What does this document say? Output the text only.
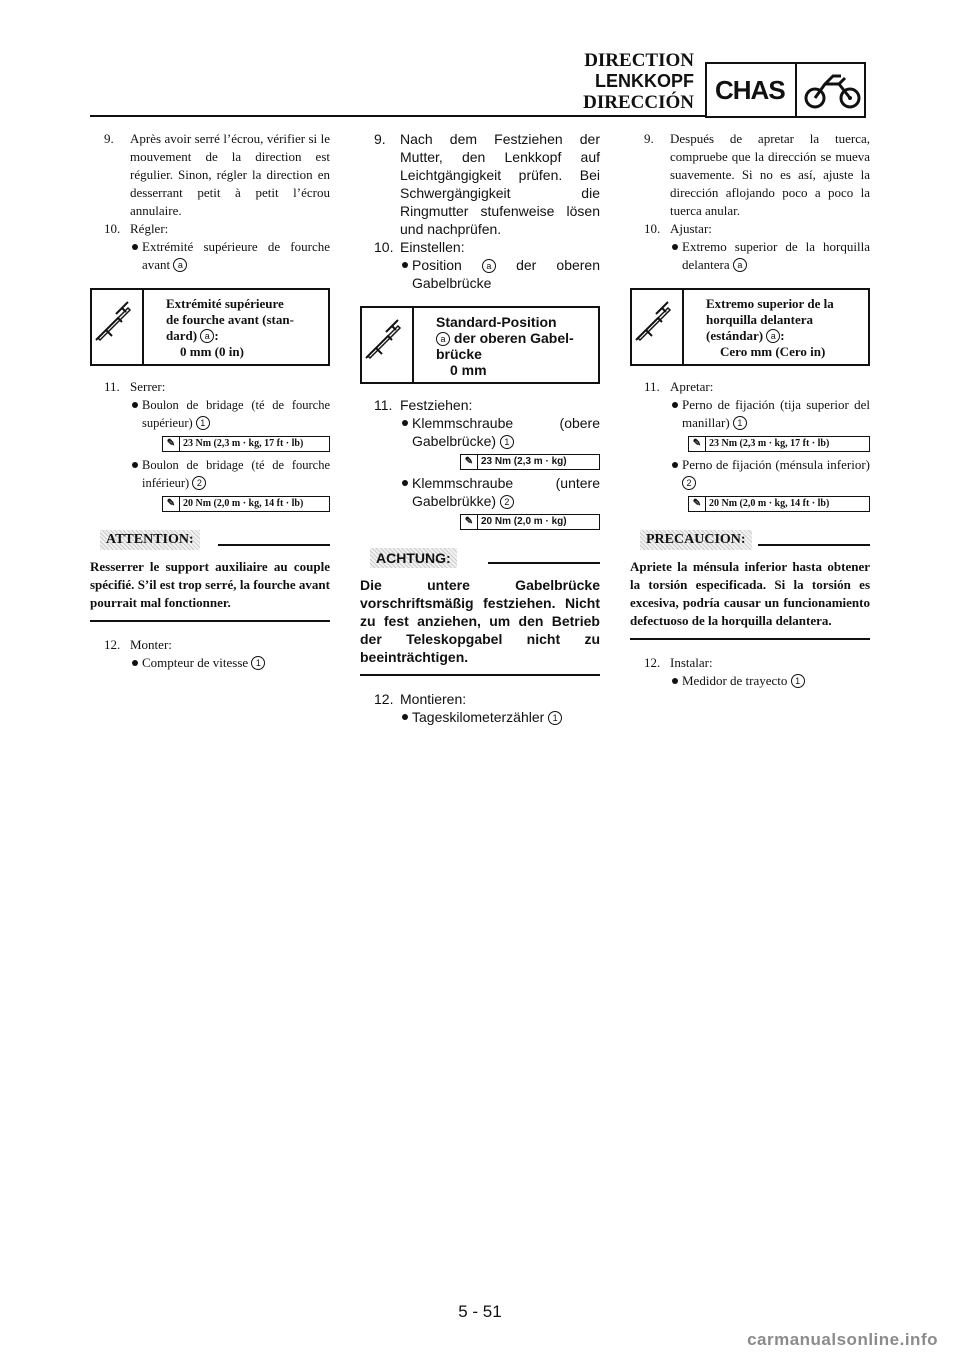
DIRECTION
LENKKOPF
DIRECCIÓN CHAS
9.	Après avoir serré l’écrou, vérifier si le mouvement de la direction est régulier. Sinon, régler la direction en desserrant petit à petit l’écrou annulaire.
10. Régler:
Extrémité supérieure de fourche avant a
Extrémité supérieure
de fourche avant (stan-
dard) a :
0 mm (0 in)
11. Serrer:
Boulon de bridage (té de fourche supérieur) 1
✎ 23 Nm (2,3 m · kg, 17 ft · lb)
Boulon de bridage (té de fourche inférieur) 2
✎ 20 Nm (2,0 m · kg, 14 ft · lb)
ATTENTION:
Resserrer le support auxiliaire au couple spécifié. S’il est trop serré, la fourche avant pourrait mal fonctionner.
12. Monter:
Compteur de vitesse 1
9.	Nach dem Festziehen der Mutter, den Lenkkopf auf Leichtgängigkeit prüfen. Bei Schwergängigkeit die Ringmutter stufenweise lösen und nachprüfen.
10. Einstellen:
Position	a der oberen Gabelbrücke
Standard-Position
a der oberen Gabel-
brücke
0 mm
11. Festziehen:
Klemmschraube (obere Gabelbrücke) 1
✎ 23 Nm (2,3 m · kg)
Klemmschraube (untere Gabelbrükke) 2
✎ 20 Nm (2,0 m · kg)
ACHTUNG:
Die untere Gabelbrücke vorschriftsmäßig festziehen. Nicht zu fest anziehen, um den Betrieb der Teleskopgabel nicht zu beeinträchtigen.
12. Montieren:
Tageskilometerzähler 1
9.	Después de apretar la tuerca, compruebe que la dirección se mueva suavemente. Si no es así, ajuste la dirección aflojando poco a poco la tuerca anular.
10. Ajustar:
Extremo superior de la horquilla delantera a
Extremo superior de la
horquilla delantera
(estándar) a :
Cero mm (Cero in)
11. Apretar:
Perno de fijación (tija superior del manillar) 1
✎ 23 Nm (2,3 m · kg, 17 ft · lb)
Perno de fijación (ménsula inferior) 2
✎ 20 Nm (2,0 m · kg, 14 ft · lb)
PRECAUCION:
Apriete la ménsula inferior hasta obtener la torsión especificada. Si la torsión es excesiva, podría causar un funcionamiento defectuoso de la horquilla delantera.
12. Instalar:
Medidor de trayecto 1
5 - 51
carmanualsonline.info
